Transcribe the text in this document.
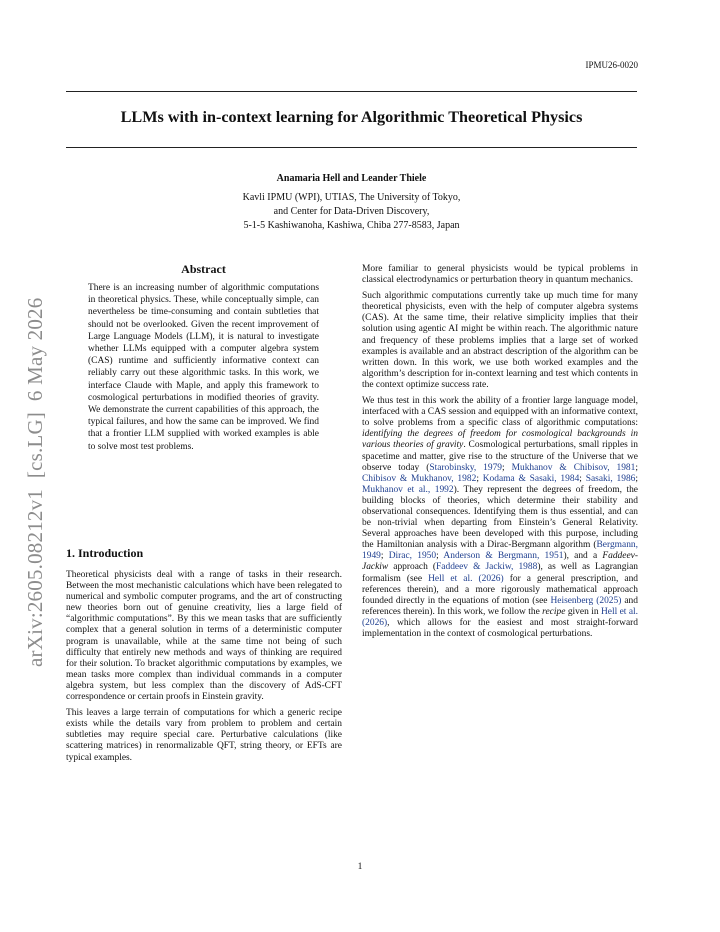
IPMU26-0020
LLMs with in-context learning for Algorithmic Theoretical Physics
Anamaria Hell and Leander Thiele
Kavli IPMU (WPI), UTIAS, The University of Tokyo,
and Center for Data-Driven Discovery,
5-1-5 Kashiwanoha, Kashiwa, Chiba 277-8583, Japan
arXiv:2605.08212v1  [cs.LG]  6 May 2026
Abstract

There is an increasing number of algorithmic computations in theoretical physics. These, while conceptually simple, can nevertheless be time-consuming and contain subtleties that should not be overlooked. Given the recent improvement of Large Language Models (LLM), it is natural to investigate whether LLMs equipped with a computer algebra system (CAS) runtime and sufficiently informative context can reliably carry out these algorithmic tasks. In this work, we interface Claude with Maple, and apply this framework to cosmological perturbations in modified theories of gravity. We demonstrate the current capabilities of this approach, the typical failures, and how the same can be improved. We find that a frontier LLM supplied with worked examples is able to solve most test problems.

1. Introduction

Theoretical physicists deal with a range of tasks in their research. Between the most mechanistic calculations which have been relegated to numerical and symbolic computer programs, and the art of constructing new theories born out of genuine creativity, lies a large field of “algorithmic computations”. By this we mean tasks that are sufficiently complex that a general solution in terms of a deterministic computer program is unavailable, while at the same time not being of such difficulty that entirely new methods and ways of thinking are required for their solution. To bracket algorithmic computations by examples, we mean tasks more complex than individual commands in a computer algebra system, but less complex than the discovery of AdS-CFT correspondence or certain proofs in Einstein gravity.

This leaves a large terrain of computations for which a generic recipe exists while the details vary from problem to problem and certain subtleties may require special care. Perturbative calculations (like scattering matrices) in renormalizable QFT, string theory, or EFTs are typical examples.

More familiar to general physicists would be typical problems in classical electrodynamics or perturbation theory in quantum mechanics.

Such algorithmic computations currently take up much time for many theoretical physicists, even with the help of computer algebra systems (CAS). At the same time, their relative simplicity implies that their solution using agentic AI might be within reach. The algorithmic nature and frequency of these problems implies that a large set of worked examples is available and an abstract description of the algorithm can be written down. In this work, we use both worked examples and the algorithm’s description for in-context learning and test which contents in the context optimize success rate.

We thus test in this work the ability of a frontier large language model, interfaced with a CAS session and equipped with an informative context, to solve problems from a specific class of algorithmic computations: identifying the degrees of freedom for cosmological backgrounds in various theories of gravity. Cosmological perturbations, small ripples in spacetime and matter, give rise to the structure of the Universe that we observe today (Starobinsky, 1979; Mukhanov & Chibisov, 1981; Chibisov & Mukhanov, 1982; Kodama & Sasaki, 1984; Sasaki, 1986; Mukhanov et al., 1992). They represent the degrees of freedom, the building blocks of theories, which determine their stability and observational consequences. Identifying them is thus essential, and can be non-trivial when departing from Einstein’s General Relativity. Several approaches have been developed with this purpose, including the Hamiltonian analysis with a Dirac-Bergmann algorithm (Bergmann, 1949; Dirac, 1950; Anderson & Bergmann, 1951), and a Faddeev-Jackiw approach (Faddeev & Jackiw, 1988), as well as Lagrangian formalism (see Hell et al. (2026) for a general prescription, and references therein), and a more rigorously mathematical approach founded directly in the equations of motion (see Heisenberg (2025) and references therein). In this work, we follow the recipe given in Hell et al. (2026), which allows for the easiest and most straight-forward implementation in the context of cosmological perturbations.

1
